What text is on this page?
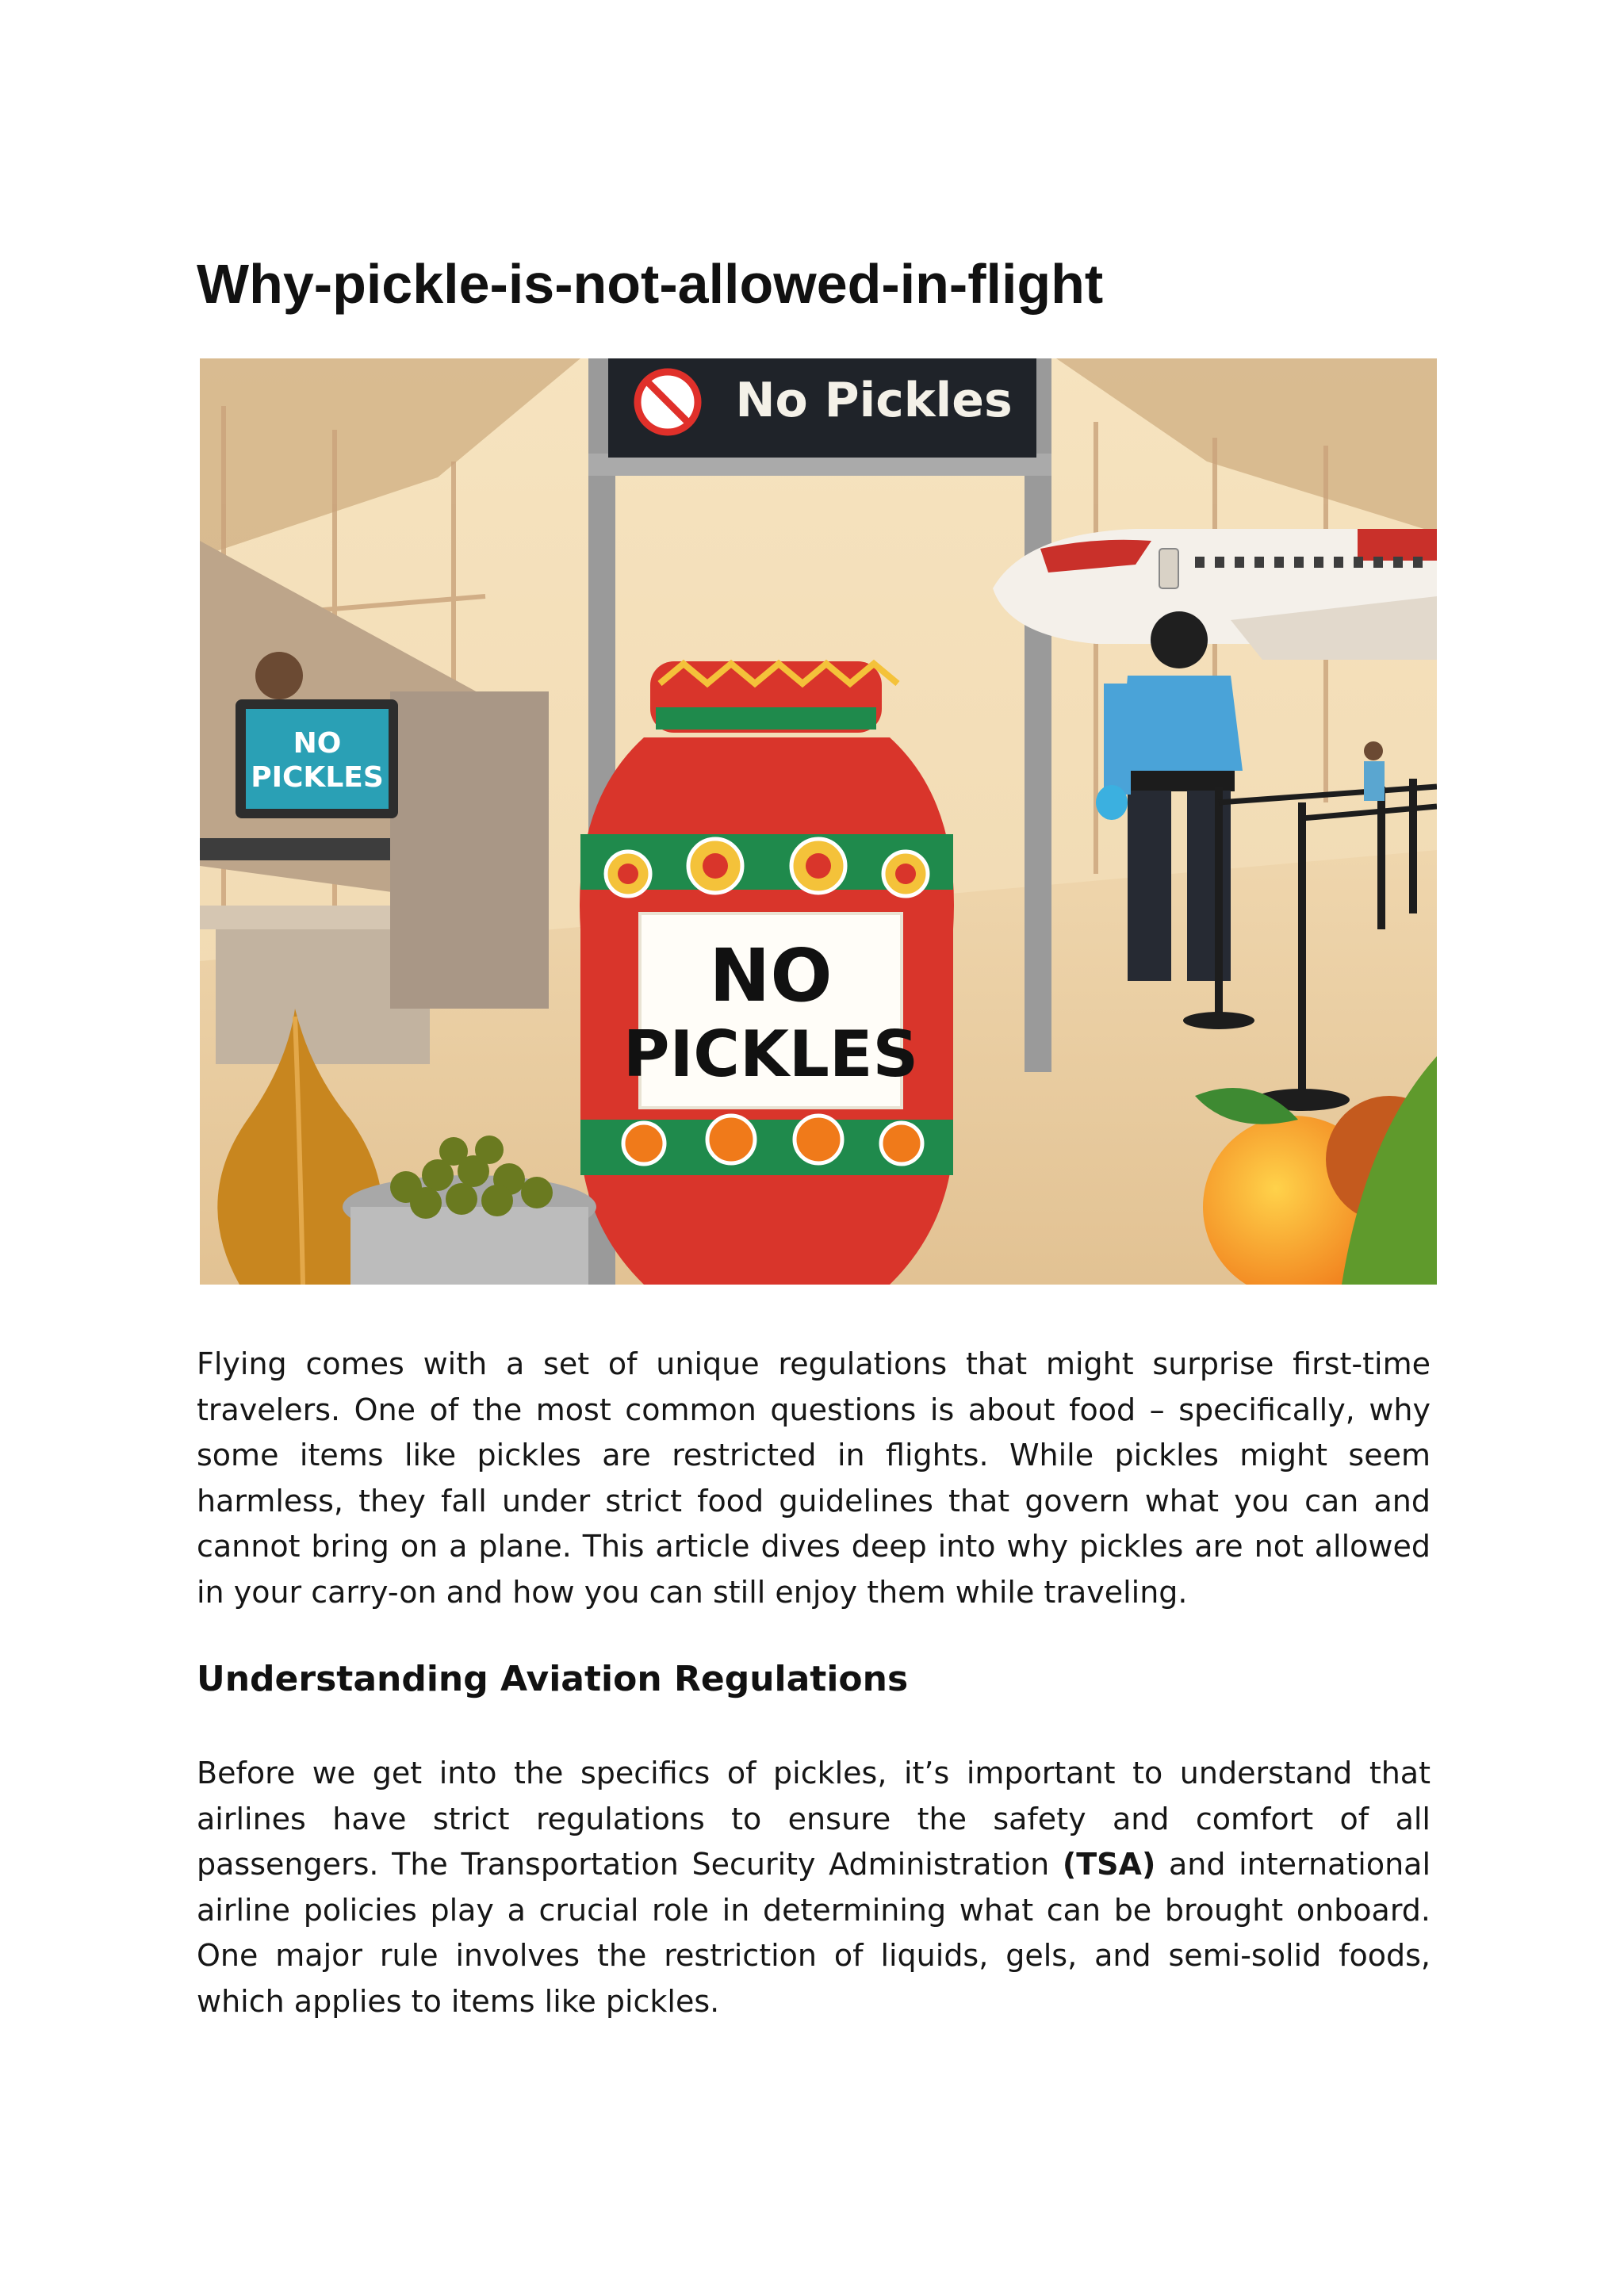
Why-pickle-is-not-allowed-in-flight
NO
PICKLES
No Pickles
NO
PICKLES

Flying comes with a set of unique regulations that might surprise first-time travelers. One of the most common questions is about food – specifically, why some items like pickles are restricted in flights. While pickles might seem harmless, they fall under strict food guidelines that govern what you can and cannot bring on a plane. This article dives deep into why pickles are not allowed in your carry-on and how you can still enjoy them while traveling.

Understanding Aviation Regulations

Before we get into the specifics of pickles, it’s important to understand that airlines have strict regulations to ensure the safety and comfort of all passengers. The Transportation Security Administration (TSA) and international airline policies play a crucial role in determining what can be brought onboard. One major rule involves the restriction of liquids, gels, and semi-solid foods, which applies to items like pickles.
